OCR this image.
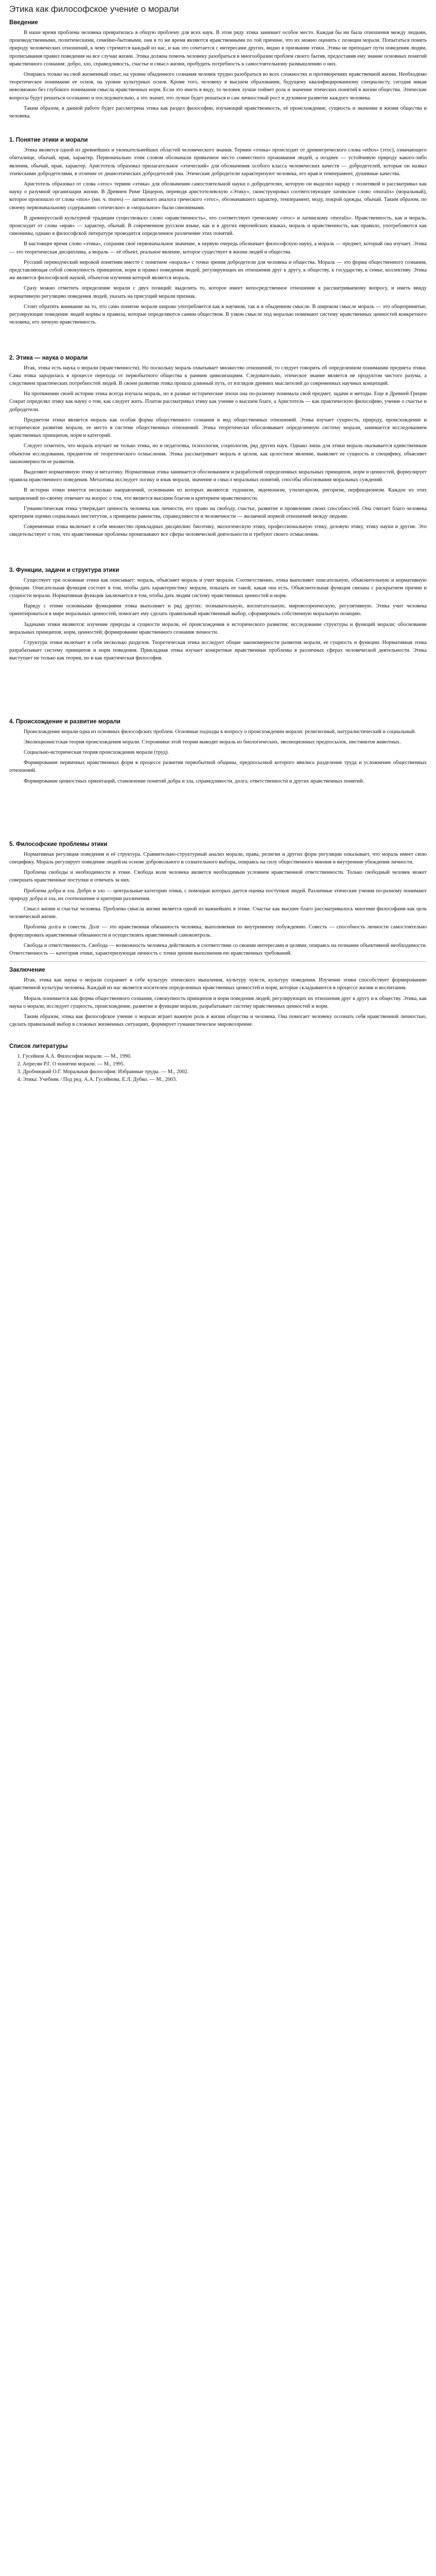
Этика как философское учение о морали
Введение

В наше время проблема человека превратилась в общую проблему для всех наук. В этом ряду этика занимает особое место. Каждая бы ни была отношения между людьми, производственными, политическими, семейно-бытовыми, они в то же время являются нравственными по той причине, что их можно оценить с позиции морали. Попытаться понять природу человеческих отношений, к чему стремится каждый из нас, и как это сочетается с интересами других, видно в призвании этики. Этика не преподает пути поведения людям, прописывания правил поведения на все случаи жизни. Этика должна помочь человеку разобраться в многообразии проблем своего бытия, предоставив ему знание основных понятий нравственного сознания: добро, зло, справедливость, счастье и смысл жизни, пробудить потребность к самостоятельному размышлению о них.

Опираясь только на свой жизненный опыт, на уровне обыденного сознания человек трудно разобраться во всех сложностях и противоречиях нравственной жизни. Необходимо теоретическое понимание ее основ, на уровне культурных основ. Кроме того, человеку в высшем образовании, будущему квалифицированному специалисту, сегодня никак невозможно без глубокого понимания смысла нравственных норм. Если это иметь в виду, то человек лучше поймет роль и значение этических понятий в жизни общества. Этические вопросы будут решаться осознанно и последовательно, а это значит, что лучше будет решаться и сам личностный рост и духовное развитие каждого человека.

Таким образом, в данной работе будет рассмотрена этика как раздел философии, изучающий нравственность, её происхождение, сущность и значение в жизни общества и человека.

1. Понятие этики и морали

Этика является одной из древнейших и увлекательнейших областей человеческого знания. Термин «этика» происходит от древнегреческого слова «ethos» (этос), означающего обиталище, обычай, нрав, характер. Первоначально этим словом обозначали привычное место совместного проживания людей, а позднее — устойчивую природу какого-либо явления, обычай, нрав, характер. Аристотель образовал прилагательное «этический» для обозначения особого класса человеческих качеств — добродетелей, которые он назвал этическими добродетелями, в отличие от дианоэтических добродетелей ума. Этические добродетели характеризуют человека, его нрав и темперамент, душевные качества.

Аристотель образовал от слова «этос» термин «этика» для обозначения самостоятельной науки о добродетелях, которую он выделил наряду с политикой и рассматривал как науку о разумной организации жизни. В Древнем Риме Цицерон, переводя аристотелевскую «Этику», сконструировал соответствующее латинское слово «moralis» (моральный), которое произошло от слова «mos» (мн. ч. mores) — латинского аналога греческого «этос», обозначавшего характер, темперамент, моду, покрой одежды, обычай. Таким образом, по своему первоначальному содержанию «этическое» и «моральное» были синонимами.

В древнерусской культурной традиции существовало слово «нравственность», что соответствует греческому «этос» и латинскому «moralis». Нравственность, как и мораль, происходит от слова «нрав» — характер, обычай. В современном русском языке, как и в других европейских языках, мораль и нравственность, как правило, употребляются как синонимы, однако в философской литературе проводится определенное различение этих понятий.

В настоящее время слово «этика», сохраняя своё первоначальное значение, в первую очередь обозначает философскую науку, а мораль — предмет, который она изучает. Этика — это теоретическая дисциплина, а мораль — её объект, реальное явление, которое существует в жизни людей и общества.

Русский переводческий мировой понятиям вместе с понятием «мораль» с точки зрения добродетели для человека и общества. Мораль — это форма общественного сознания, представляющая собой совокупность принципов, норм и правил поведения людей, регулирующих их отношения друг к другу, к обществу, к государству, к семье, коллективу. Этика же является философской наукой, объектом изучения которой является мораль.

Сразу можно отметить определение морали с двух позиций: выделить то, которое имеет непосредственное отношение к рассматриваемому вопросу, и иметь ввиду нормативную регуляцию поведения людей, указать на присущий морали признак.

Стоит обратить внимание на то, что само понятие морали широко употребляется как в научном, так и в обыденном смысле. В широком смысле мораль — это общепринятые, регулирующие поведение людей нормы и правила, которые определяются самим обществом. В узком смысле под моралью понимают систему нравственных ценностей конкретного человека, его личную нравственность.

2. Этика — наука о морали

Итак, этика есть наука о морали (нравственности). Но поскольку мораль охватывает множество отношений, то следует говорить об определенном понимании предмета этики. Сама этика зародилась в процессе перехода от первобытного общества к ранним цивилизациям. Следовательно, этическое знание является не продуктом чистого разума, а следствием практических потребностей людей. В своем развитии этика прошла длинный путь, от взглядов древних мыслителей до современных научных концепций.

На протяжении своей истории этика всегда изучала мораль, но в разные исторические эпохи она по-разному понимала свой предмет, задачи и методы. Еще в Древней Греции Сократ определял этику как науку о том, как следует жить. Платон рассматривал этику как учение о высшем благе, а Аристотель — как практическую философию, учение о счастье и добродетели.

Предметом этики является мораль как особая форма общественного сознания и вид общественных отношений. Этика изучает сущность, природу, происхождение и историческое развитие морали, ее место в системе общественных отношений. Этика теоретически обосновывает определенную систему морали, занимается исследованием нравственных принципов, норм и категорий.

Следует отметить, что мораль изучает не только этика, но и педагогика, психология, социология, ряд других наук. Однако лишь для этики мораль оказывается единственным объектом исследования, предметом её теоретического осмысления. Этика рассматривает мораль в целом, как целостное явление, выявляет ее сущность и специфику, объясняет закономерности ее развития.

Выделяют нормативную этику и метаэтику. Нормативная этика занимается обоснованием и разработкой определенных моральных принципов, норм и ценностей, формулирует правила нравственного поведения. Метаэтика исследует логику и язык морали, значение и смысл моральных понятий, способы обоснования моральных суждений.

В истории этики имеется несколько направлений, основными из которых являются: гедонизм, эвдемонизм, утилитаризм, ригоризм, перфекционизм. Каждое из этих направлений по-своему отвечает на вопрос о том, что является высшим благом и критерием нравственности.

Гуманистическая этика утверждает ценность человека как личности, его право на свободу, счастье, развитие и проявление своих способностей. Она считает благо человека критерием оценки социальных институтов, а принципы равенства, справедливости и человечности — желаемой нормой отношений между людьми.

Современная этика включает в себя множество прикладных дисциплин: биоэтику, экологическую этику, профессиональную этику, деловую этику, этику науки и другие. Это свидетельствует о том, что нравственные проблемы пронизывают все сферы человеческой деятельности и требуют своего осмысления.

3. Функции, задачи и структура этики

Существует три основные этики как описывает: мораль, объясняет мораль и учит морали. Соответственно, этика выполняет описательную, объяснительную и нормативную функции. Описательная функция состоит в том, чтобы дать характеристику морали, показать ее такой, какая она есть. Объяснительная функция связана с раскрытием причин и сущности морали. Нормативная функция заключается в том, чтобы дать людям систему нравственных ценностей и норм.

Наряду с этими основными функциями этика выполняет и ряд других: познавательную, воспитательную, мировоззренческую, регулятивную. Этика учит человека ориентироваться в мире моральных ценностей, помогает ему сделать правильный нравственный выбор, сформировать собственную моральную позицию.

Задачами этики являются: изучение природы и сущности морали, её происхождения и исторического развития; исследование структуры и функций морали; обоснование моральных принципов, норм, ценностей; формирование нравственного сознания личности.

Структура этики включает в себя несколько разделов. Теоретическая этика исследует общие закономерности развития морали, ее сущность и функции. Нормативная этика разрабатывает систему принципов и норм поведения. Прикладная этика изучает конкретные нравственные проблемы в различных сферах человеческой деятельности. Этика выступает не только как теория, но и как практическая философия.

4. Происхождение и развитие морали

Происхождение морали одна из основных философских проблем. Основные подходы к вопросу о происхождении морали: религиозный, натуралистический и социальный.

Эволюционистская теория происхождения морали. Сторонники этой теории выводят мораль из биологических, эволюционных предпосылок, инстинктов животных.

Социально-историческая теория происхождения морали (труд).

Формирование первичных нравственных форм в процессе развития первобытной общины, предпосылкой которого явились разделение труда и усложнение общественных отношений.

Формирование ценностных ориентаций, становление понятий добра и зла, справедливости, долга, ответственности и других нравственных понятий.

5. Философские проблемы этики

Нормативная регуляция поведения и её структура. Сравнительно-структурный анализ морали, права, религии и других форм регуляции показывает, что мораль имеет свою специфику. Мораль регулирует поведение людей на основе добровольного и сознательного выбора, опираясь на силу общественного мнения и внутренние убеждения личности.

Проблема свободы и необходимости в этике. Свобода воли человека является необходимым условием нравственной ответственности. Только свободный человек может совершать нравственные поступки и отвечать за них.

Проблема добра и зла. Добро и зло — центральные категории этики, с помощью которых дается оценка поступков людей. Различные этические учения по-разному понимают природу добра и зла, их соотношение и критерии различения.

Смысл жизни и счастье человека. Проблема смысла жизни является одной из важнейших в этике. Счастье как высшее благо рассматривалось многими философами как цель человеческой жизни.

Проблема долга и совести. Долг — это нравственная обязанность человека, выполняемая по внутреннему побуждению. Совесть — способность личности самостоятельно формулировать нравственные обязанности и осуществлять нравственный самоконтроль.

Свобода и ответственность. Свобода — возможность человека действовать в соответствии со своими интересами и целями, опираясь на познание объективной необходимости. Ответственность — категория этики, характеризующая личность с точки зрения выполнения ею нравственных требований.

Заключение

Итак, этика как наука о морали сохраняет в себе культуру этического мышления, культуру чувств, культуру поведения. Изучение этики способствует формированию нравственной культуры человека. Каждый из нас является носителем определенных нравственных ценностей и норм, которые складываются в процессе жизни и воспитания.

Мораль понимается как форма общественного сознания, совокупность принципов и норм поведения людей, регулирующих их отношения друг к другу и к обществу. Этика, как наука о морали, исследует сущность, происхождение, развитие и функции морали, разрабатывает систему нравственных ценностей и норм.

Таким образом, этика как философское учение о морали играет важную роль в жизни общества и человека. Она помогает человеку осознать себя нравственной личностью, сделать правильный выбор в сложных жизненных ситуациях, формирует гуманистическое мировоззрение.

Список литературы
1. Гусейнов А.А. Философия морали. — М., 1990.
2. Апресян Р.Г. О понятии морали. — М., 1995.
3. Дробницкий О.Г. Моральная философия: Избранные труды. — М., 2002.
4. Этика: Учебник / Под ред. А.А. Гусейнова, Е.Л. Дубко. — М., 2003.
